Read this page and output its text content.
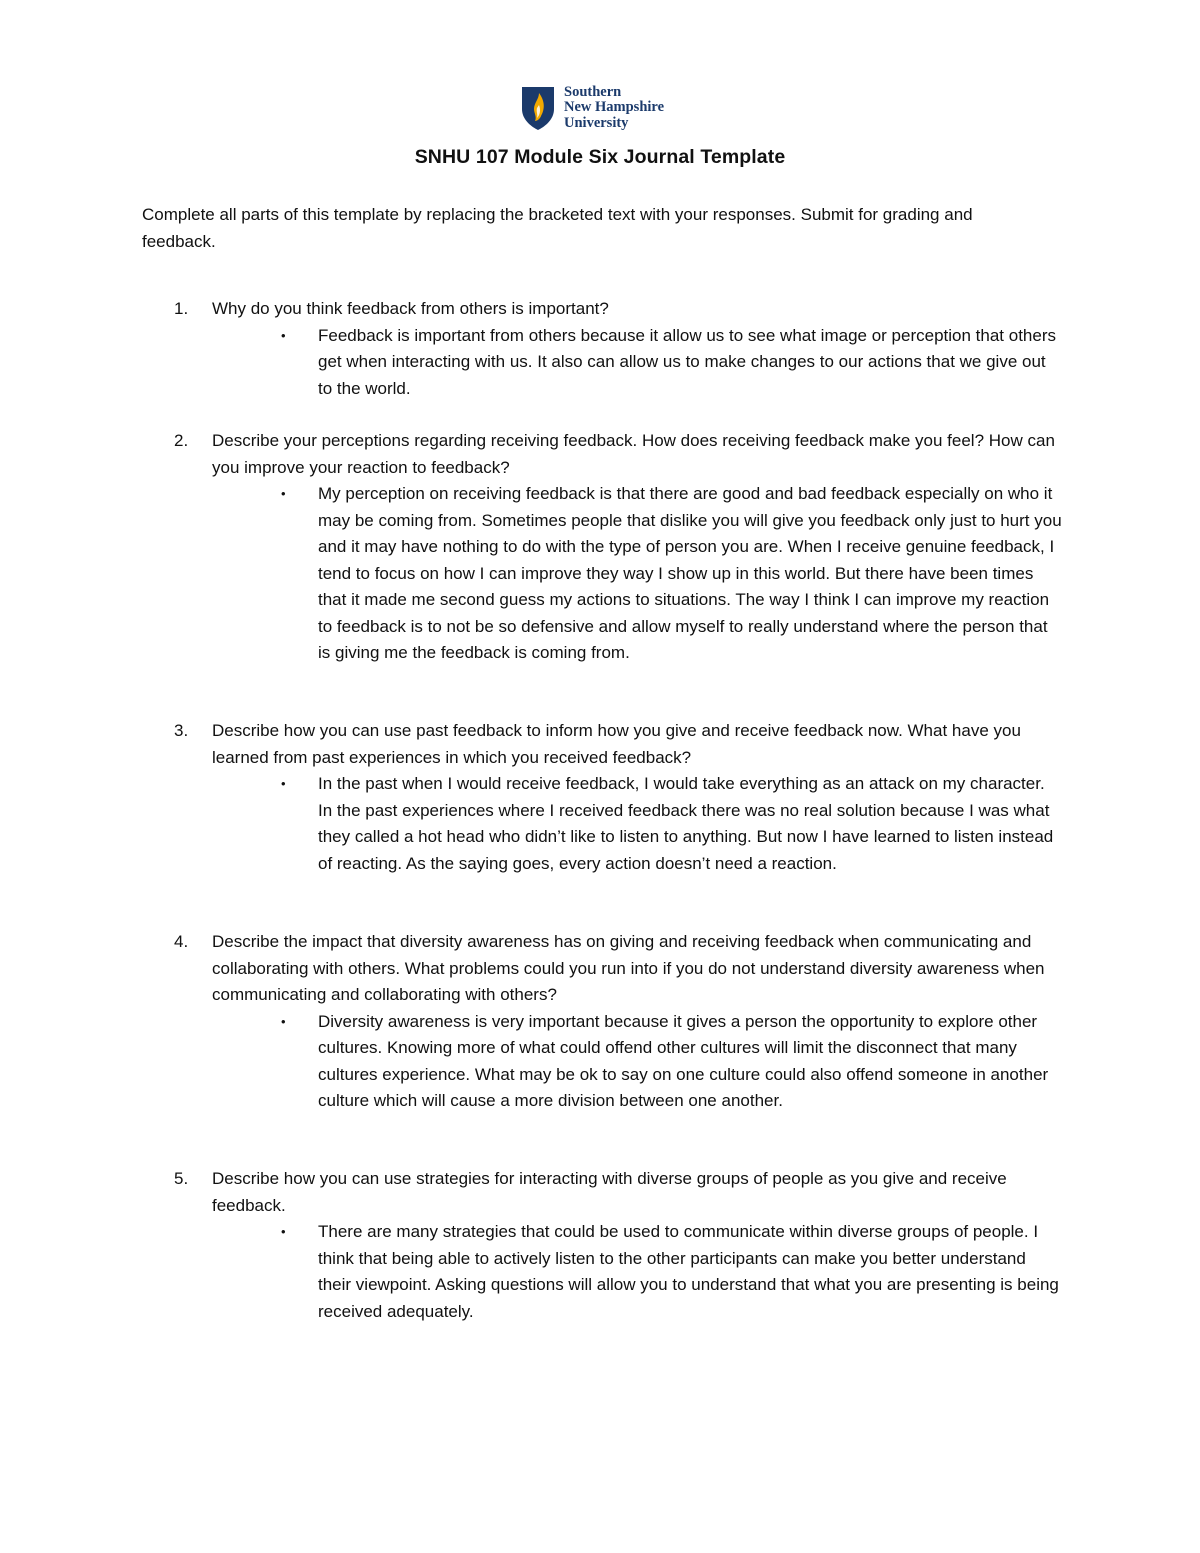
Southern
New Hampshire
University
SNHU 107 Module Six Journal Template

Complete all parts of this template by replacing the bracketed text with your responses. Submit for grading and feedback.

1. Why do you think feedback from others is important?

• Feedback is important from others because it allow us to see what image or perception that others get when interacting with us. It also can allow us to make changes to our actions that we give out to the world.

2. Describe your perceptions regarding receiving feedback. How does receiving feedback make you feel? How can you improve your reaction to feedback?

• My perception on receiving feedback is that there are good and bad feedback especially on who it may be coming from. Sometimes people that dislike you will give you feedback only just to hurt you and it may have nothing to do with the type of person you are. When I receive genuine feedback, I tend to focus on how I can improve they way I show up in this world. But there have been times that it made me second guess my actions to situations. The way I think I can improve my reaction to feedback is to not be so defensive and allow myself to really understand where the person that is giving me the feedback is coming from.

3. Describe how you can use past feedback to inform how you give and receive feedback now. What have you learned from past experiences in which you received feedback?

• In the past when I would receive feedback, I would take everything as an attack on my character. In the past experiences where I received feedback there was no real solution because I was what they called a hot head who didn’t like to listen to anything. But now I have learned to listen instead of reacting. As the saying goes, every action doesn’t need a reaction.

4. Describe the impact that diversity awareness has on giving and receiving feedback when communicating and collaborating with others. What problems could you run into if you do not understand diversity awareness when communicating and collaborating with others?

• Diversity awareness is very important because it gives a person the opportunity to explore other cultures. Knowing more of what could offend other cultures will limit the disconnect that many cultures experience. What may be ok to say on one culture could also offend someone in another culture which will cause a more division between one another.

5. Describe how you can use strategies for interacting with diverse groups of people as you give and receive feedback.

• There are many strategies that could be used to communicate within diverse groups of people. I think that being able to actively listen to the other participants can make you better understand their viewpoint. Asking questions will allow you to understand that what you are presenting is being received adequately.
